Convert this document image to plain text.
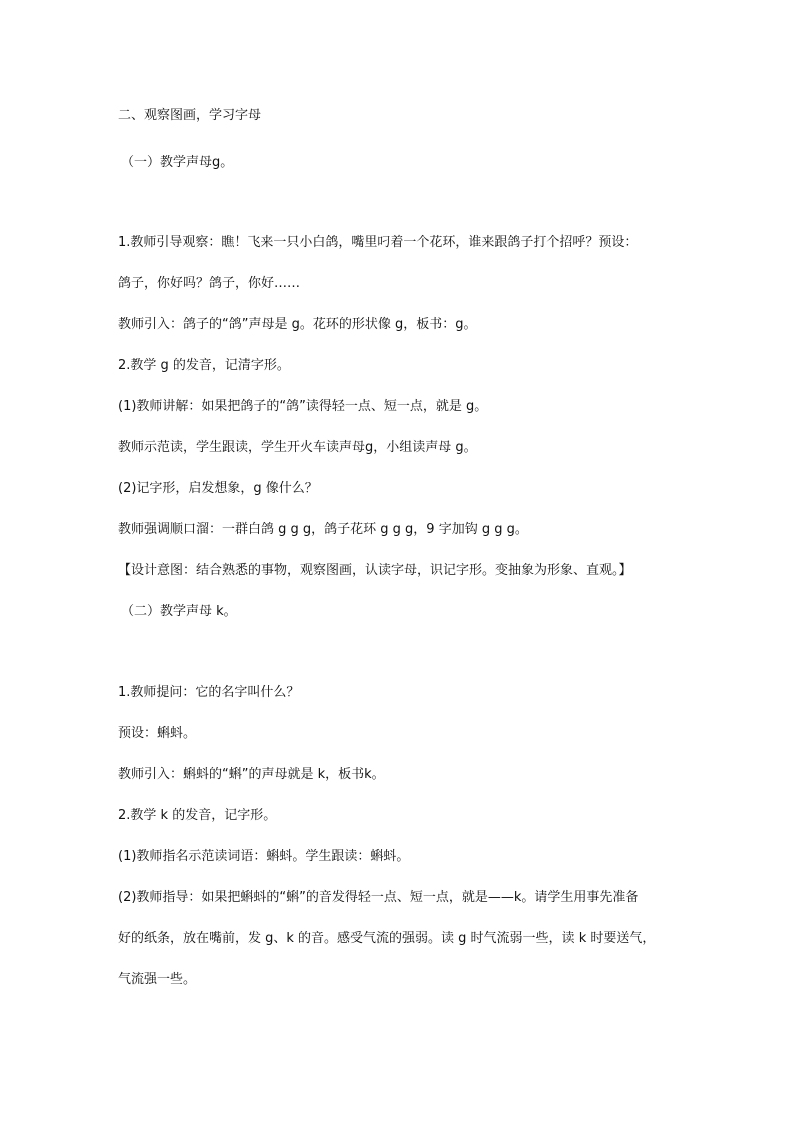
二、观察图画，学习字母
（一）教学声母g。
1.教师引导观察：瞧！飞来一只小白鸽，嘴里叼着一个花环，谁来跟鸽子打个招呼？预设：
鸽子，你好吗？鸽子，你好……
教师引入：鸽子的“鸽”声母是 g。花环的形状像 g，板书：g。
2.教学 g 的发音，记清字形。
(1)教师讲解：如果把鸽子的“鸽”读得轻一点、短一点，就是 g。
教师示范读，学生跟读，学生开火车读声母g，小组读声母 g。
(2)记字形，启发想象，g 像什么？
教师强调顺口溜：一群白鸽 g g g，鸽子花环 g g g，9 字加钩 g g g。
【设计意图：结合熟悉的事物，观察图画，认读字母，识记字形。变抽象为形象、直观。】
（二）教学声母 k。
1.教师提问：它的名字叫什么？
预设：蝌蚪。
教师引入：蝌蚪的“蝌”的声母就是 k，板书k。
2.教学 k 的发音，记字形。
(1)教师指名示范读词语：蝌蚪。学生跟读：蝌蚪。
(2)教师指导：如果把蝌蚪的“蝌”的音发得轻一点、短一点，就是——k。请学生用事先准备
好的纸条，放在嘴前，发 g、k 的音。感受气流的强弱。读 g 时气流弱一些，读 k 时要送气，
气流强一些。
